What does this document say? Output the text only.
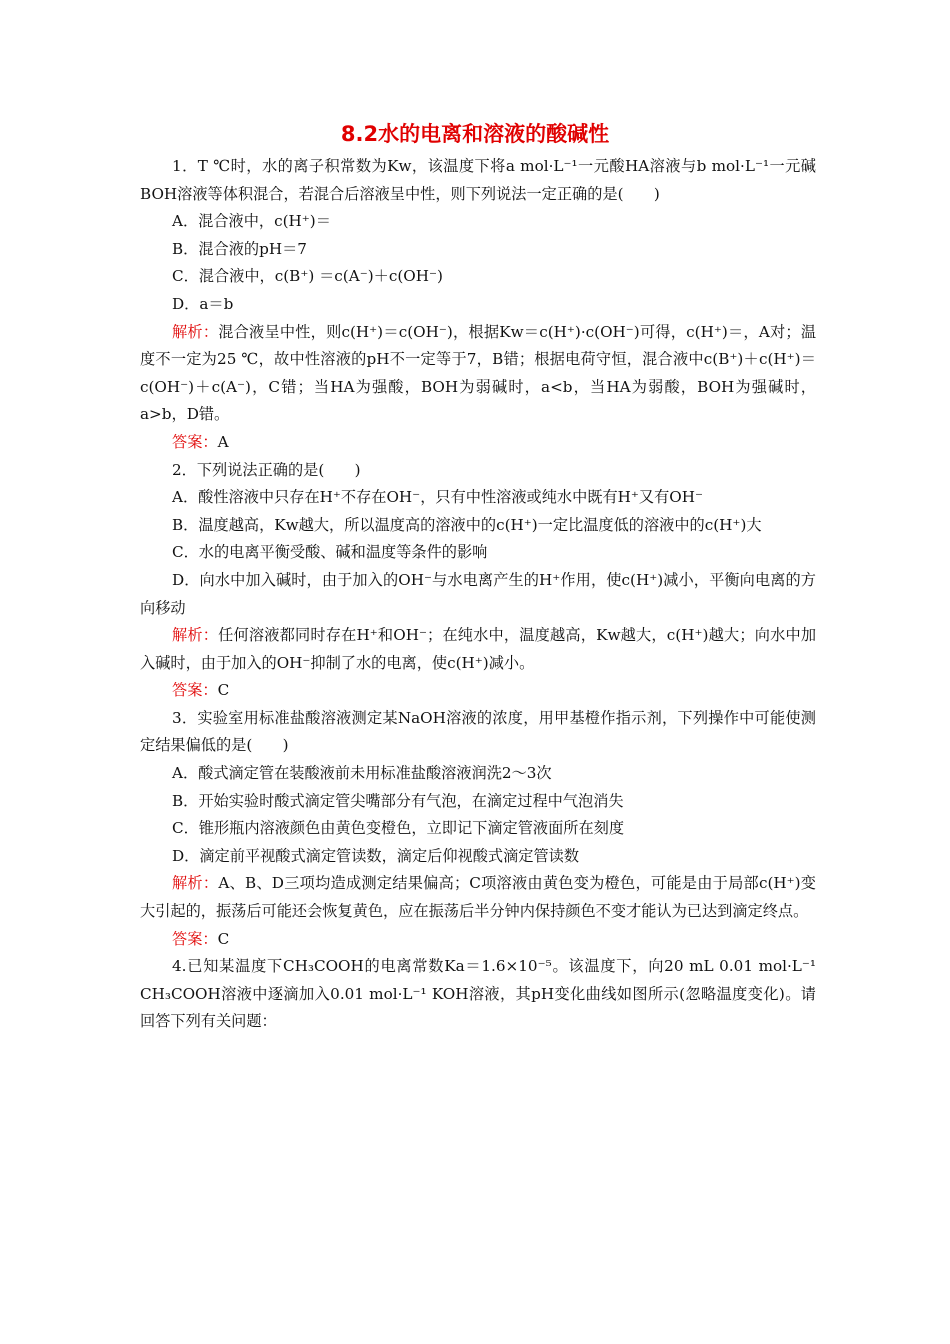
8.2水的电离和溶液的酸碱性

1．T ℃时，水的离子积常数为Kw，该温度下将a mol·L⁻¹一元酸HA溶液与b mol·L⁻¹一元碱BOH溶液等体积混合，若混合后溶液呈中性，则下列说法一定正确的是(　　)

A．混合液中，c(H⁺)＝

B．混合液的pH＝7

C．混合液中，c(B⁺) ＝c(A⁻)＋c(OH⁻)

D．a＝b

解析：混合液呈中性，则c(H⁺)＝c(OH⁻)，根据Kw＝c(H⁺)·c(OH⁻)可得，c(H⁺)＝，A对；温度不一定为25 ℃，故中性溶液的pH不一定等于7，B错；根据电荷守恒，混合液中c(B⁺)＋c(H⁺)＝c(OH⁻)＋c(A⁻)，C错；当HA为强酸，BOH为弱碱时，a<b，当HA为弱酸，BOH为强碱时，a>b，D错。

答案：A

2．下列说法正确的是(　　)

A．酸性溶液中只存在H⁺不存在OH⁻，只有中性溶液或纯水中既有H⁺又有OH⁻

B．温度越高，Kw越大，所以温度高的溶液中的c(H⁺)一定比温度低的溶液中的c(H⁺)大

C．水的电离平衡受酸、碱和温度等条件的影响

D．向水中加入碱时，由于加入的OH⁻与水电离产生的H⁺作用，使c(H⁺)减小，平衡向电离的方向移动

解析：任何溶液都同时存在H⁺和OH⁻；在纯水中，温度越高，Kw越大，c(H⁺)越大；向水中加入碱时，由于加入的OH⁻抑制了水的电离，使c(H⁺)减小。

答案：C

3．实验室用标准盐酸溶液测定某NaOH溶液的浓度，用甲基橙作指示剂，下列操作中可能使测定结果偏低的是(　　)

A．酸式滴定管在装酸液前未用标准盐酸溶液润洗2～3次

B．开始实验时酸式滴定管尖嘴部分有气泡，在滴定过程中气泡消失

C．锥形瓶内溶液颜色由黄色变橙色，立即记下滴定管液面所在刻度

D．滴定前平视酸式滴定管读数，滴定后仰视酸式滴定管读数

解析：A、B、D三项均造成测定结果偏高；C项溶液由黄色变为橙色，可能是由于局部c(H⁺)变大引起的，振荡后可能还会恢复黄色，应在振荡后半分钟内保持颜色不变才能认为已达到滴定终点。

答案：C

4.已知某温度下CH₃COOH的电离常数Ka＝1.6×10⁻⁵。该温度下，向20 mL 0.01 mol·L⁻¹ CH₃COOH溶液中逐滴加入0.01 mol·L⁻¹ KOH溶液，其pH变化曲线如图所示(忽略温度变化)。请回答下列有关问题：
